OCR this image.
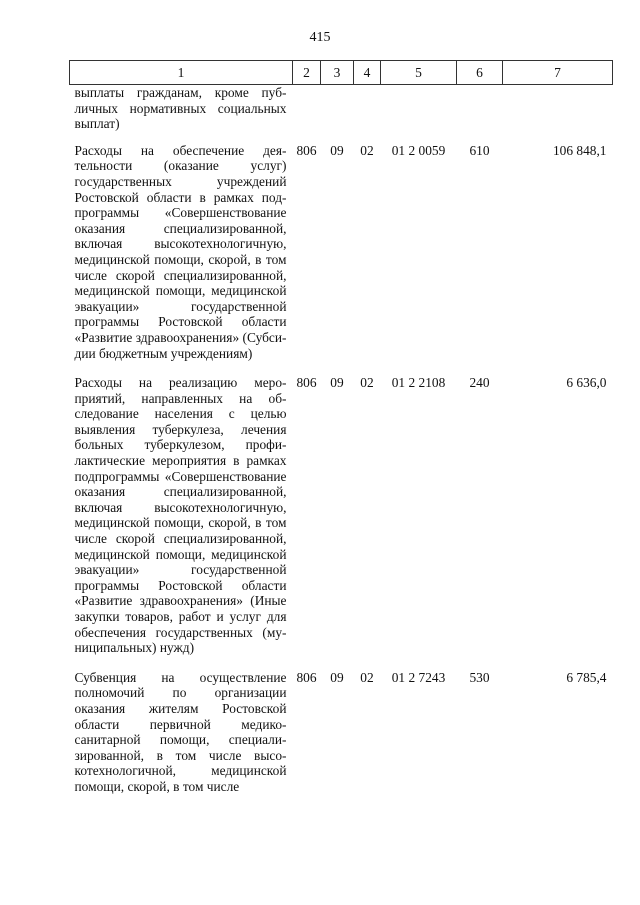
415
1	2	3	4	5	6	7
выплаты гражданам, кроме публичных нормативных социальных выплат)						
Расходы на обеспечение деятельности (оказание услуг) государственных учреждений Ростовской области в рамках подпрограммы «Совершенствование оказания специализированной, включая высокотехнологичную, медицинской помощи, скорой, в том числе скорой специализированной, медицинской помощи, медицинской эвакуации» государственной программы Ростовской области «Развитие здравоохранения» (Субсидии бюджетным учреждениям)	806	09	02	01 2 0059	610	106 848,1
Расходы на реализацию мероприятий, направленных на обследование населения с целью выявления туберкулеза, лечения больных туберкулезом, профилактические мероприятия в рамках подпрограммы «Совершенствование оказания специализированной, включая высокотехнологичную, медицинской помощи, скорой, в том числе скорой специализированной, медицинской помощи, медицинской эвакуации» государственной программы Ростовской области «Развитие здравоохранения» (Иные закупки товаров, работ и услуг для обеспечения государственных (муниципальных) нужд)	806	09	02	01 2 2108	240	6 636,0
Субвенция на осуществление полномочий по организации оказания жителям Ростовской области первичной медико-санитарной помощи, специализированной, в том числе высокотехнологичной, медицинской помощи, скорой, в том числе	806	09	02	01 2 7243	530	6 785,4
